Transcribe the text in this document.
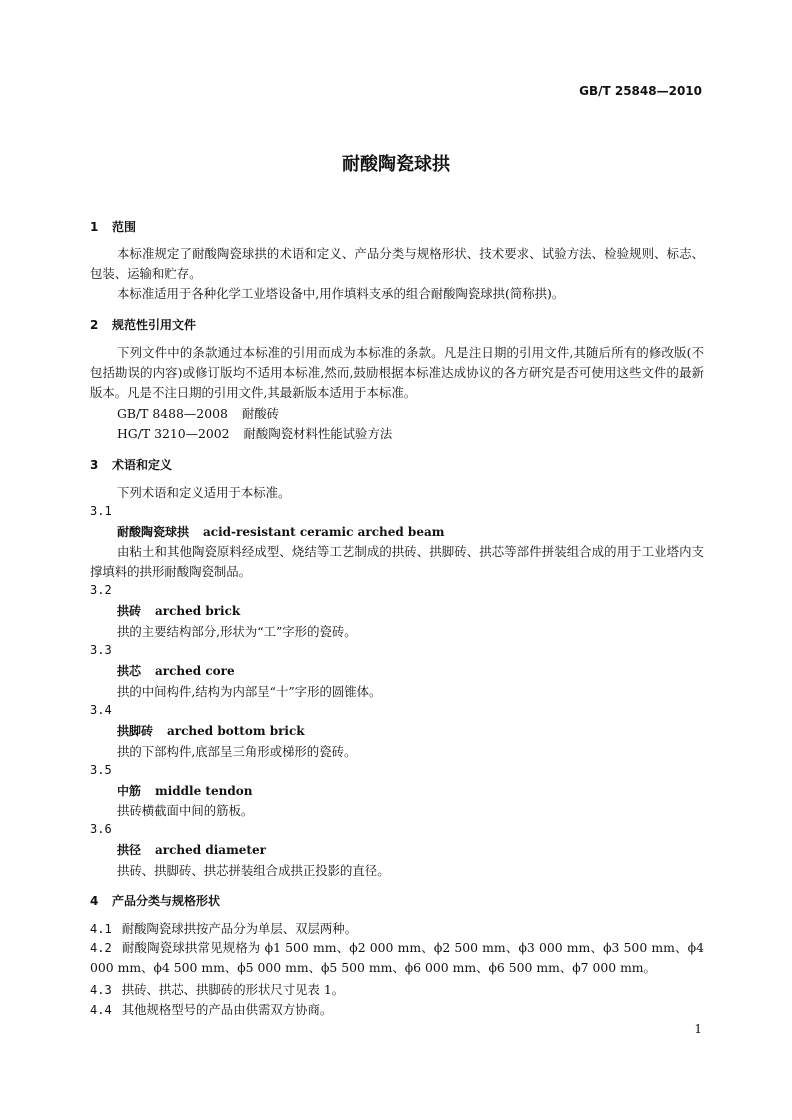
GB/T 25848—2010
耐酸陶瓷球拱
1 范围
本标准规定了耐酸陶瓷球拱的术语和定义、产品分类与规格形状、技术要求、试验方法、检验规则、标志、包装、运输和贮存。
本标准适用于各种化学工业塔设备中,用作填料支承的组合耐酸陶瓷球拱(简称拱)。
2 规范性引用文件
下列文件中的条款通过本标准的引用而成为本标准的条款。凡是注日期的引用文件,其随后所有的修改版(不包括勘误的内容)或修订版均不适用本标准,然而,鼓励根据本标准达成协议的各方研究是否可使用这些文件的最新版本。凡是不注日期的引用文件,其最新版本适用于本标准。
GB/T 8488—2008 耐酸砖
HG/T 3210—2002 耐酸陶瓷材料性能试验方法
3 术语和定义
下列术语和定义适用于本标准。
3.1
耐酸陶瓷球拱 acid-resistant ceramic arched beam
由粘土和其他陶瓷原料经成型、烧结等工艺制成的拱砖、拱脚砖、拱芯等部件拼装组合成的用于工业塔内支撑填料的拱形耐酸陶瓷制品。
3.2
拱砖 arched brick
拱的主要结构部分,形状为“工”字形的瓷砖。
3.3
拱芯 arched core
拱的中间构件,结构为内部呈“十”字形的圆锥体。
3.4
拱脚砖 arched bottom brick
拱的下部构件,底部呈三角形或梯形的瓷砖。
3.5
中筋 middle tendon
拱砖横截面中间的筋板。
3.6
拱径 arched diameter
拱砖、拱脚砖、拱芯拼装组合成拱正投影的直径。
4 产品分类与规格形状
4.1 耐酸陶瓷球拱按产品分为单层、双层两种。
4.2 耐酸陶瓷球拱常见规格为 ϕ1 500 mm、ϕ2 000 mm、ϕ2 500 mm、ϕ3 000 mm、ϕ3 500 mm、ϕ4 000 mm、ϕ4 500 mm、ϕ5 000 mm、ϕ5 500 mm、ϕ6 000 mm、ϕ6 500 mm、ϕ7 000 mm。
4.3 拱砖、拱芯、拱脚砖的形状尺寸见表 1。
4.4 其他规格型号的产品由供需双方协商。
1
